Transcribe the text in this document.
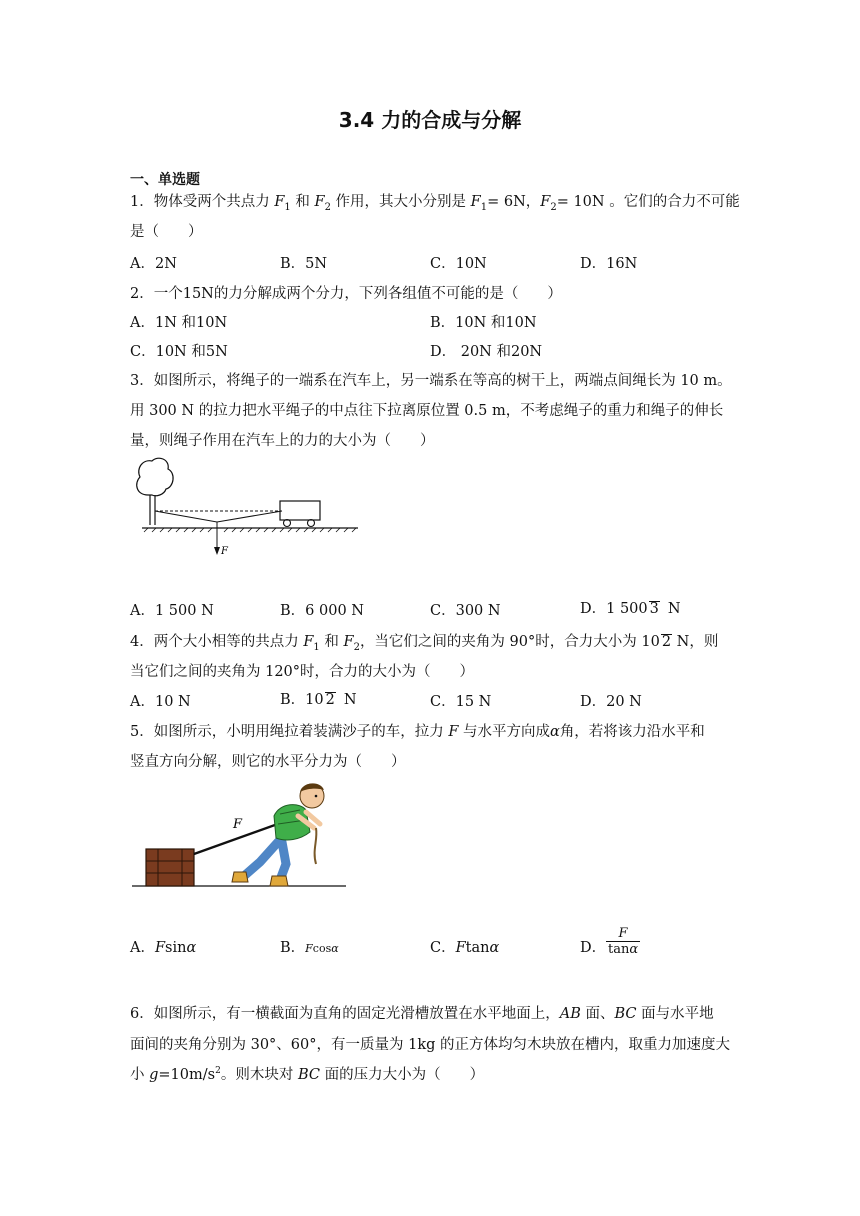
3.4 力的合成与分解
一、单选题
1．物体受两个共点力 $F_1$ 和 $F_2$ 作用，其大小分别是 $F_1= 6N$，$F_2= 10N$ 。它们的合力不可能
是（　　）
A．2N	B．5N	C．10N	D．16N
2．一个15N的力分解成两个分力，下列各组值不可能的是（　　）
A．1N 和10N	B．10N 和10N
C．10N 和5N	D． 20N 和20N
3．如图所示，将绳子的一端系在汽车上，另一端系在等高的树干上，两端点间绳长为 10 m。
用 300 N 的拉力把水平绳子的中点往下拉离原位置 0.5 m，不考虑绳子的重力和绳子的伸长
量，则绳子作用在汽车上的力的大小为（　　）
F
A．1 500 N	B．6 000 N	C．300 N	D．1 500 3 N
4．两个大小相等的共点力 $F_1$ 和 $F_2$，当它们之间的夹角为 90°时，合力大小为 10 2 N，则
当它们之间的夹角为 120°时，合力的大小为（　　）
A．10 N	B．10 2 N	C．15 N	D．20 N
5．如图所示，小明用绳拉着装满沙子的车，拉力 F 与水平方向成α角，若将该力沿水平和
竖直方向分解，则它的水平分力为（　　）
F
A．Fsinα	B．Fcosα	C．Ftanα	D． $\frac{F}{\tan\alpha}$
6．如图所示，有一横截面为直角的固定光滑槽放置在水平地面上，AB 面、BC 面与水平地
面间的夹角分别为 30°、60°，有一质量为 1kg 的正方体均匀木块放在槽内，取重力加速度大
小 $g=10m/s^2$。则木块对 BC 面的压力大小为（　　）
